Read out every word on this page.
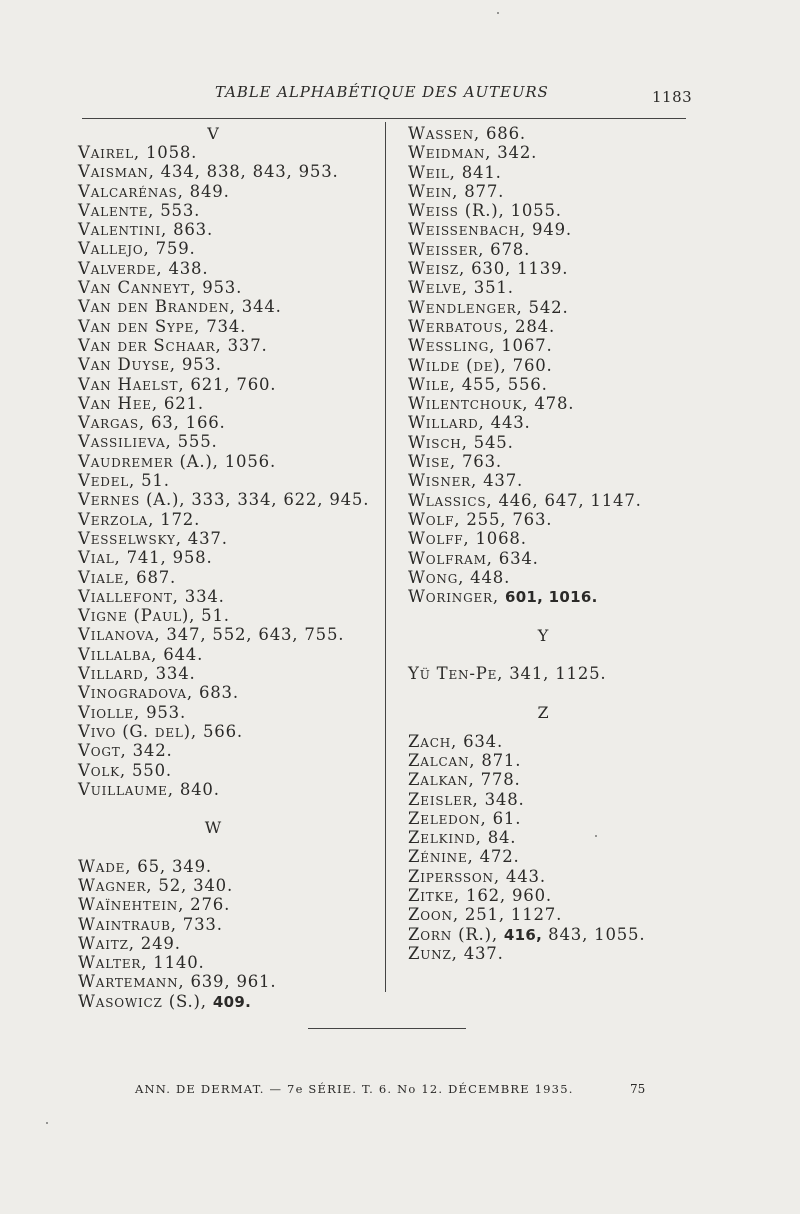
TABLE ALPHABÉTIQUE DES AUTEURS	1183
V
Vairel, 1058.
Vaisman, 434, 838, 843, 953.
Valcarénas, 849.
Valente, 553.
Valentini, 863.
Vallejo, 759.
Valverde, 438.
Van Canneyt, 953.
Van den Branden, 344.
Van den Sype, 734.
Van der Schaar, 337.
Van Duyse, 953.
Van Haelst, 621, 760.
Van Hee, 621.
Vargas, 63, 166.
Vassilieva, 555.
Vaudremer (A.), 1056.
Vedel, 51.
Vernes (A.), 333, 334, 622, 945.
Verzola, 172.
Vesselwsky, 437.
Vial, 741, 958.
Viale, 687.
Viallefont, 334.
Vigne (Paul), 51.
Vilanova, 347, 552, 643, 755.
Villalba, 644.
Villard, 334.
Vinogradova, 683.
Violle, 953.
Vivo (G. del), 566.
Vogt, 342.
Volk, 550.
Vuillaume, 840.
W
Wade, 65, 349.
Wagner, 52, 340.
Waïnehtein, 276.
Waintraub, 733.
Waitz, 249.
Walter, 1140.
Wartemann, 639, 961.
Wasowicz (S.), 409.
Wassen, 686.
Weidman, 342.
Weil, 841.
Wein, 877.
Weiss (R.), 1055.
Weissenbach, 949.
Weisser, 678.
Weisz, 630, 1139.
Welve, 351.
Wendlenger, 542.
Werbatous, 284.
Wessling, 1067.
Wilde (de), 760.
Wile, 455, 556.
Wilentchouk, 478.
Willard, 443.
Wisch, 545.
Wise, 763.
Wisner, 437.
Wlassics, 446, 647, 1147.
Wolf, 255, 763.
Wolff, 1068.
Wolfram, 634.
Wong, 448.
Woringer, 601, 1016.
Y
Yü Ten-Pe, 341, 1125.
Z
Zach, 634.
Zalcan, 871.
Zalkan, 778.
Zeisler, 348.
Zeledon, 61.
Zelkind, 84.
Zénine, 472.
Zipersson, 443.
Zitke, 162, 960.
Zoon, 251, 1127.
Zorn (R.), 416, 843, 1055.
Zunz, 437.
ANN. DE DERMAT. — 7e SÉRIE. T. 6. No 12. DÉCEMBRE 1935.	75
